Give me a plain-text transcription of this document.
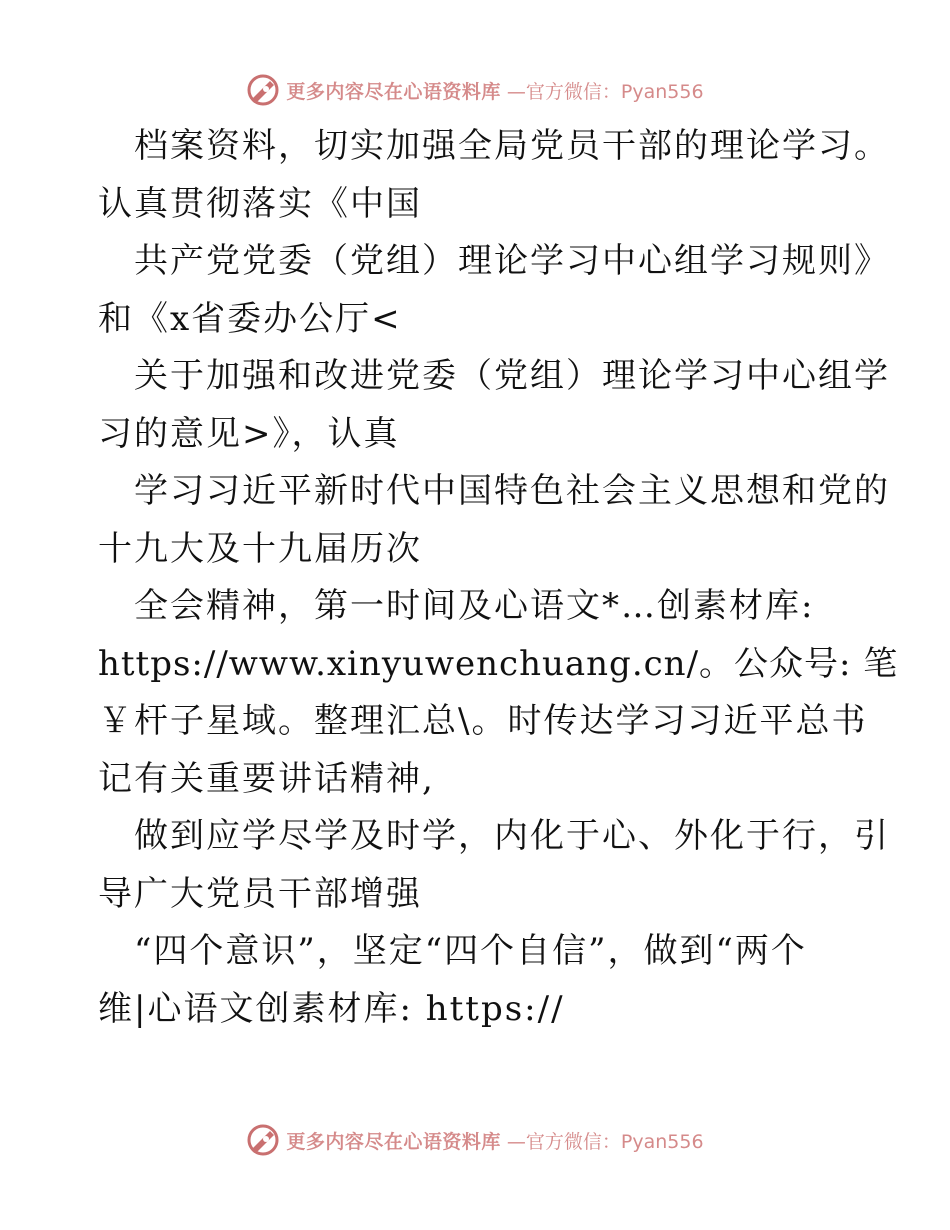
更多内容尽在心语资料库 —官方微信：Pyan556
档案资料，切实加强全局党员干部的理论学习。
认真贯彻落实《中国
共产党党委（党组）理论学习中心组学习规则》
和《x省委办公厅<
关于加强和改进党委（党组）理论学习中心组学
习的意见>》，认真
学习习近平新时代中国特色社会主义思想和党的
十九大及十九届历次
全会精神，第一时间及心语文*…创素材库:
https://www.xinyuwenchuang.cn/。公众号: 笔
￥杆子星域。整理汇总\。时传达学习习近平总书
记有关重要讲话精神,
做到应学尽学及时学，内化于心、外化于行，引
导广大党员干部增强
“四个意识”，坚定“四个自信”，做到“两个
维|心语文创素材库: https://
更多内容尽在心语资料库 —官方微信：Pyan556
